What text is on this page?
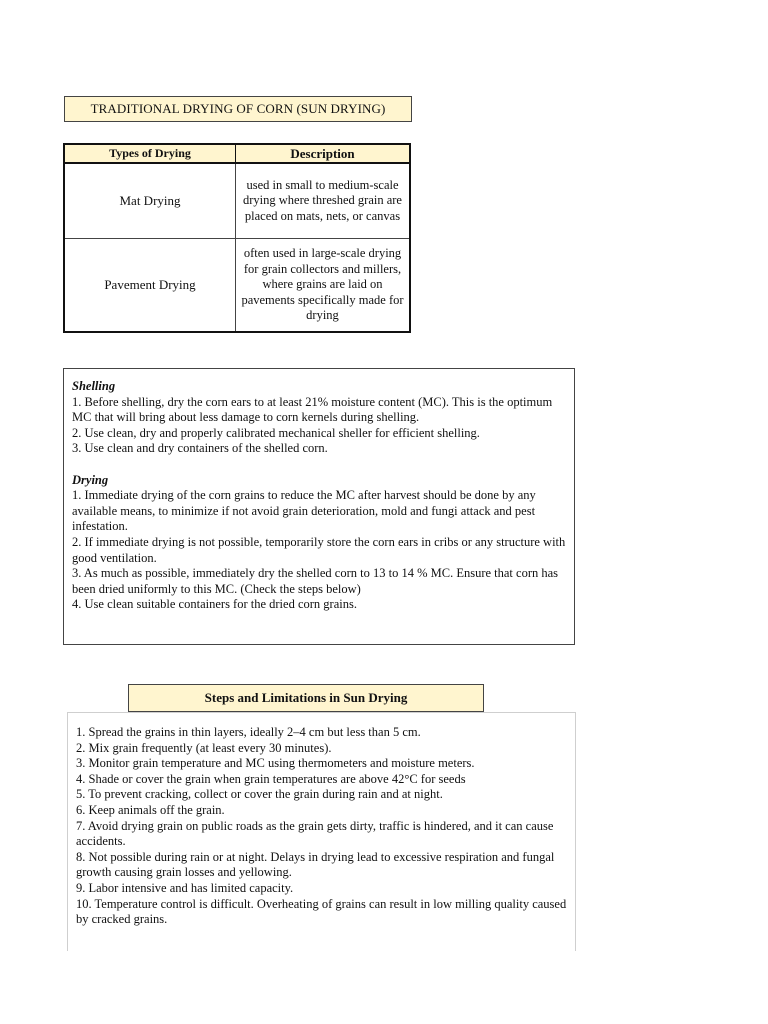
TRADITIONAL DRYING OF CORN (SUN DRYING)
Types of Drying	Description
Mat Drying	used in small to medium-scale drying where threshed grain are placed on mats, nets, or canvas
Pavement Drying	often used in large-scale drying for grain collectors and millers, where grains are laid on pavements specifically made for drying

Shelling

1. Before shelling, dry the corn ears to at least 21% moisture content (MC). This is the optimum MC that will bring about less damage to corn kernels during shelling.

2. Use clean, dry and properly calibrated mechanical sheller for efficient shelling.

3. Use clean and dry containers of the shelled corn.

Drying

1. Immediate drying of the corn grains to reduce the MC after harvest should be done by any available means, to minimize if not avoid grain deterioration, mold and fungi attack and pest infestation.

2. If immediate drying is not possible, temporarily store the corn ears in cribs or any structure with good ventilation.

3. As much as possible, immediately dry the shelled corn to 13 to 14 % MC. Ensure that corn has been dried uniformly to this MC. (Check the steps below)

4. Use clean suitable containers for the dried corn grains.

Steps and Limitations in Sun Drying
1. Spread the grains in thin layers, ideally 2–4 cm but less than 5 cm.
2. Mix grain frequently (at least every 30 minutes).
3. Monitor grain temperature and MC using thermometers and moisture meters.
4. Shade or cover the grain when grain temperatures are above 42°C for seeds
5. To prevent cracking, collect or cover the grain during rain and at night.
6. Keep animals off the grain.
7. Avoid drying grain on public roads as the grain gets dirty, traffic is hindered, and it can cause accidents.
8. Not possible during rain or at night. Delays in drying lead to excessive respiration and fungal growth causing grain losses and yellowing.
9. Labor intensive and has limited capacity.
10. Temperature control is difficult. Overheating of grains can result in low milling quality caused by cracked grains.
